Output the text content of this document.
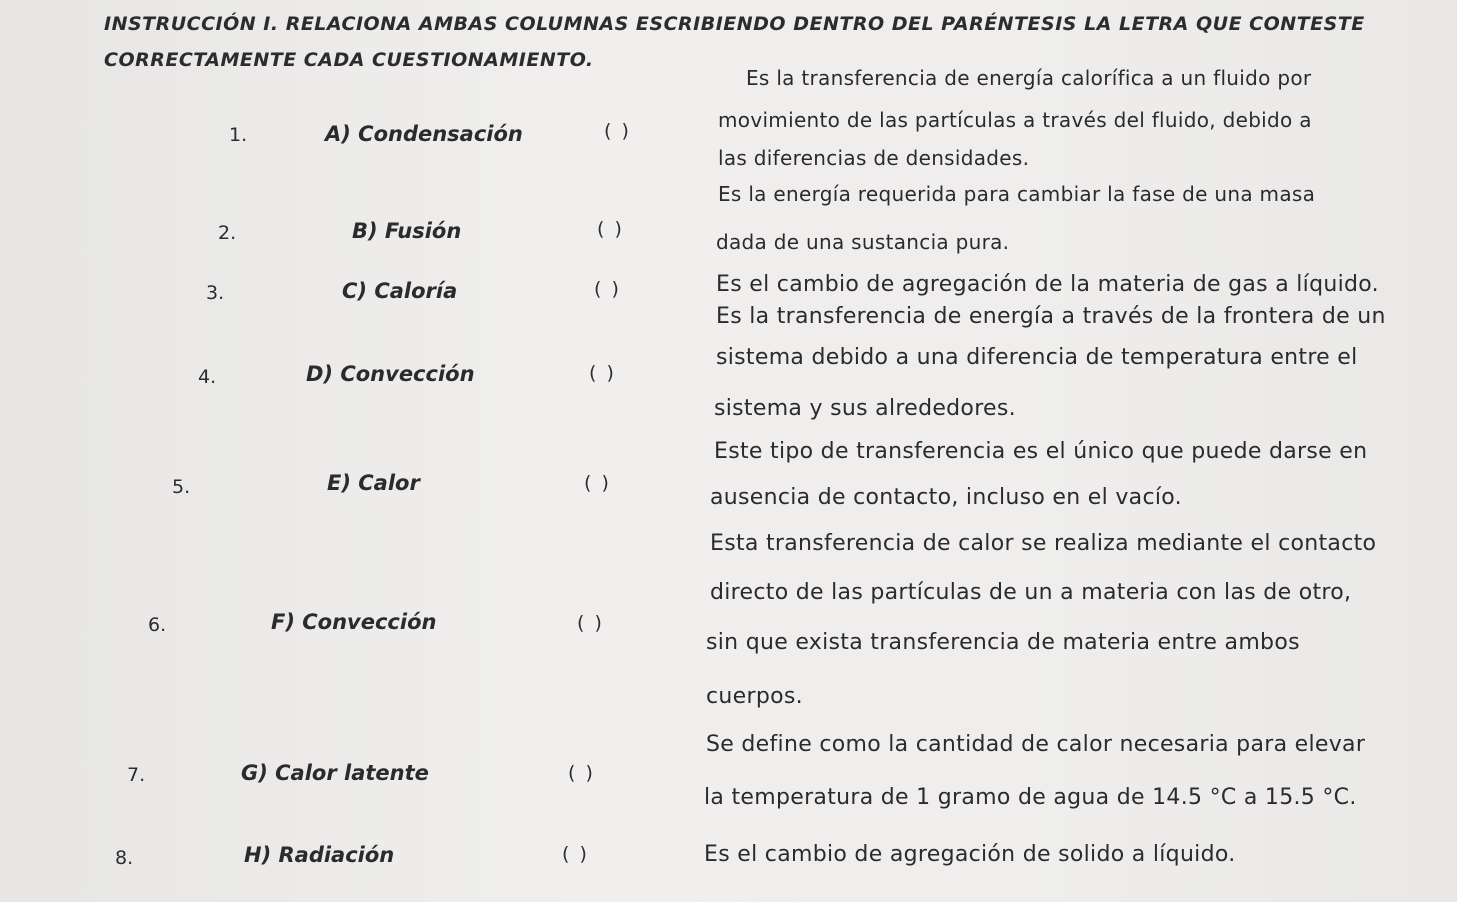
INSTRUCCIÓN I. RELACIONA AMBAS COLUMNAS ESCRIBIENDO DENTRO DEL PARÉNTESIS LA LETRA QUE CONTESTE
CORRECTAMENTE CADA CUESTIONAMIENTO.
1.	A) Condensación	( )
Es la transferencia de energía calorífica a un fluido por
movimiento de las partículas a través del fluido, debido a
las diferencias de densidades.
2.	B) Fusión	( )
Es la energía requerida para cambiar la fase de una masa
dada de una sustancia pura.
3.	C) Caloría	( )	Es el cambio de agregación de la materia de gas a líquido.
4.	D) Convección	( )
Es la transferencia de energía a través de la frontera de un
sistema debido a una diferencia de temperatura entre el
sistema y sus alrededores.
5.	E) Calor	( )
Este tipo de transferencia es el único que puede darse en
ausencia de contacto, incluso en el vacío.
6.	F) Convección	( )
Esta transferencia de calor se realiza mediante el contacto
directo de las partículas de un a materia con las de otro,
sin que exista transferencia de materia entre ambos
cuerpos.
7.	G) Calor latente	( )
Se define como la cantidad de calor necesaria para elevar
la temperatura de 1 gramo de agua de 14.5 °C a 15.5 °C.
8.	H) Radiación	( )	Es el cambio de agregación de solido a líquido.
